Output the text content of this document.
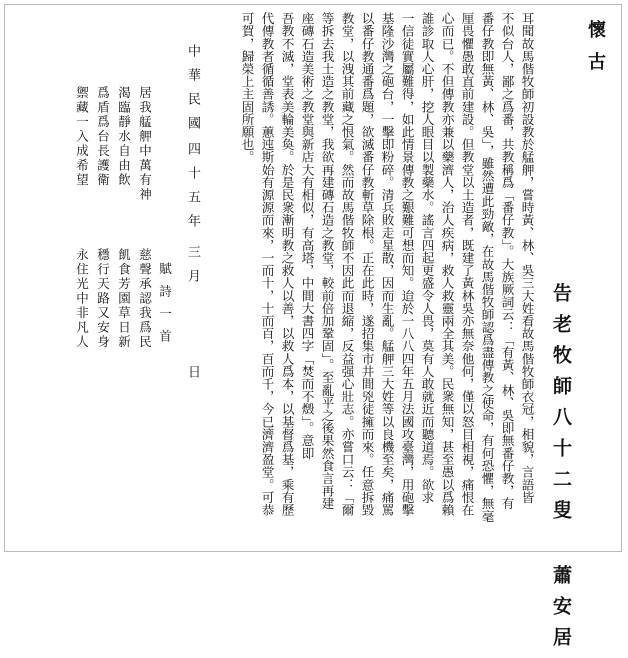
懷古
告老牧師八十二叟 蕭安居
耳聞故馬偕牧師初設教於艋舺，嘗時黃、林、吳三大姓看故馬偕牧師衣冠，相貌，言語皆
不似台人，鄙之爲番，共教稱爲「番仔教」。大族厥詞云：「有黃、林、吳即無番仔教，有
番仔教即無黃、林、吳」，雖然遭此勁敵，在故馬偕牧師認爲盡傳教之使命，有何恐懼，無毫
厘畏懼愚敢直前建設。但教堂以土造者，既建了黃林吳亦無奈他何，僅以怒目相視，痛恨在
心而已。不但傳教亦兼以藥濟人，治人疾病，救人救靈兩全其美。民衆無知，甚至愚以爲賴
誰診取人心肝，挖人眼目以製藥水。謠言四起更盛令人畏，莫有人敢就近而聽道焉。欲求
一信徒實屬難得，如此情景傳教之艱難可想而知。迨於一八八四年五月法國攻臺灣，用砲擊
基隆沙灣之砲台，一擊即粉碎。清兵敗走星散，因而生亂。艋舺三大姓等以良機至矣，痛罵
以番仔教通番爲題，欲滅番仔教斬草除根。正在此時，遂招集市井間兇徒擁而來。任意拆毀
教堂，以洩其前藏之恨氣。然而故馬偕牧師不因此而退縮，反益强心壯志。亦嘗口云：「爾
等拆去我土造之教堂，我欲再建磚石造之教堂，較前倍加鞏固」。至亂平之後果然食言再建
座磚石造美術之教堂與新店大有相似，有高塔，中間大書四字「焚而不燬」。意即
吾教不滅，堂表美輪美奐。於是民衆漸明教之救人以善，以救人爲本，以基督爲基，乘有歷
代傳教者循循善誘。蕙迍斯始有源源而來，一而十，十而百，百而千，今已濟濟盈堂。可恭
可賀，歸榮上主固所願也。
中華民國
四十五年
三月
日
賦詩一首
居我艋舺中萬有神
渴臨靜水自由飲
爲盾爲台長護衛
禦藏一入成希望
慈聲承認我爲民
飢食芳園草日新
穩行天路又安身
永住光中非凡人
